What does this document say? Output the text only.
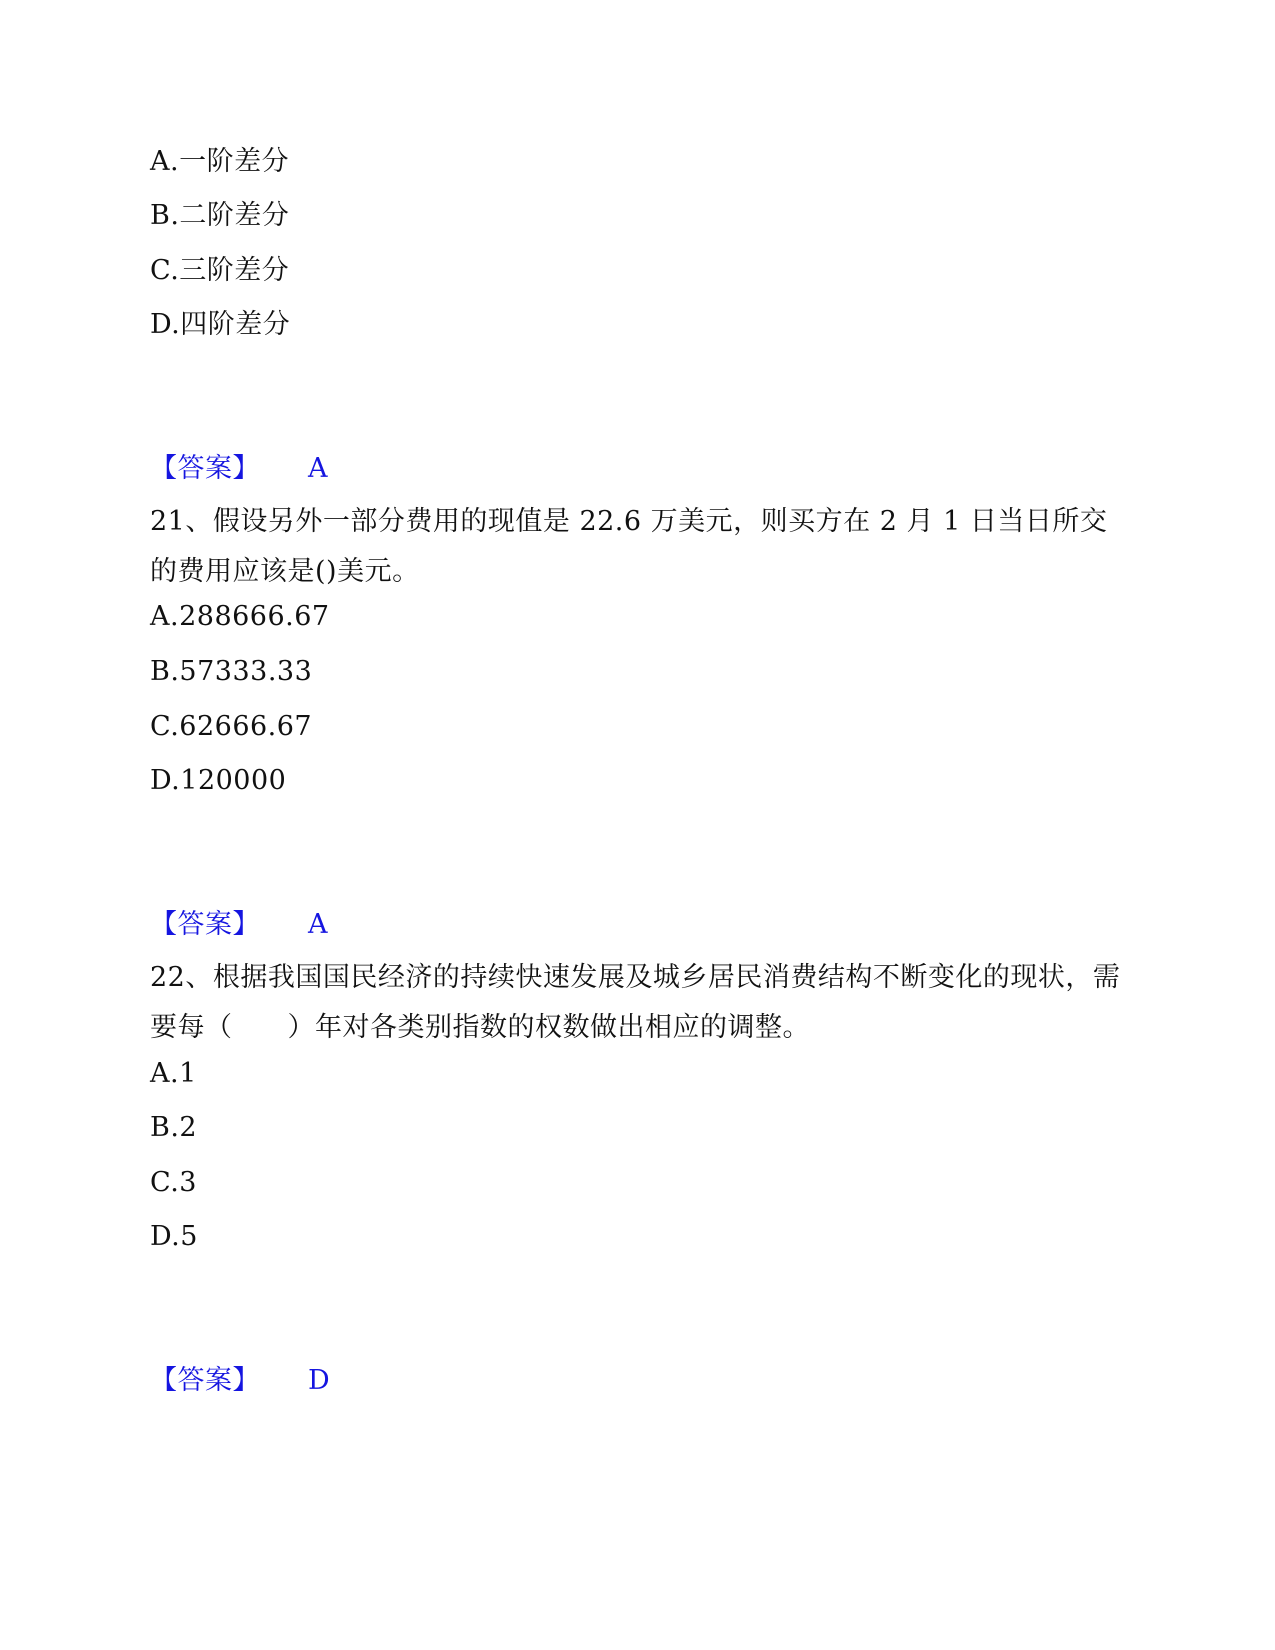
A.一阶差分
B.二阶差分
C.三阶差分
D.四阶差分
【答案】 A
21、假设另外一部分费用的现值是 22.6 万美元，则买方在 2 月 1 日当日所交的费用应该是()美元。
A.288666.67
B.57333.33
C.62666.67
D.120000
【答案】 A
22、根据我国国民经济的持续快速发展及城乡居民消费结构不断变化的现状，需要每（　　）年对各类别指数的权数做出相应的调整。
A.1
B.2
C.3
D.5
【答案】 D
